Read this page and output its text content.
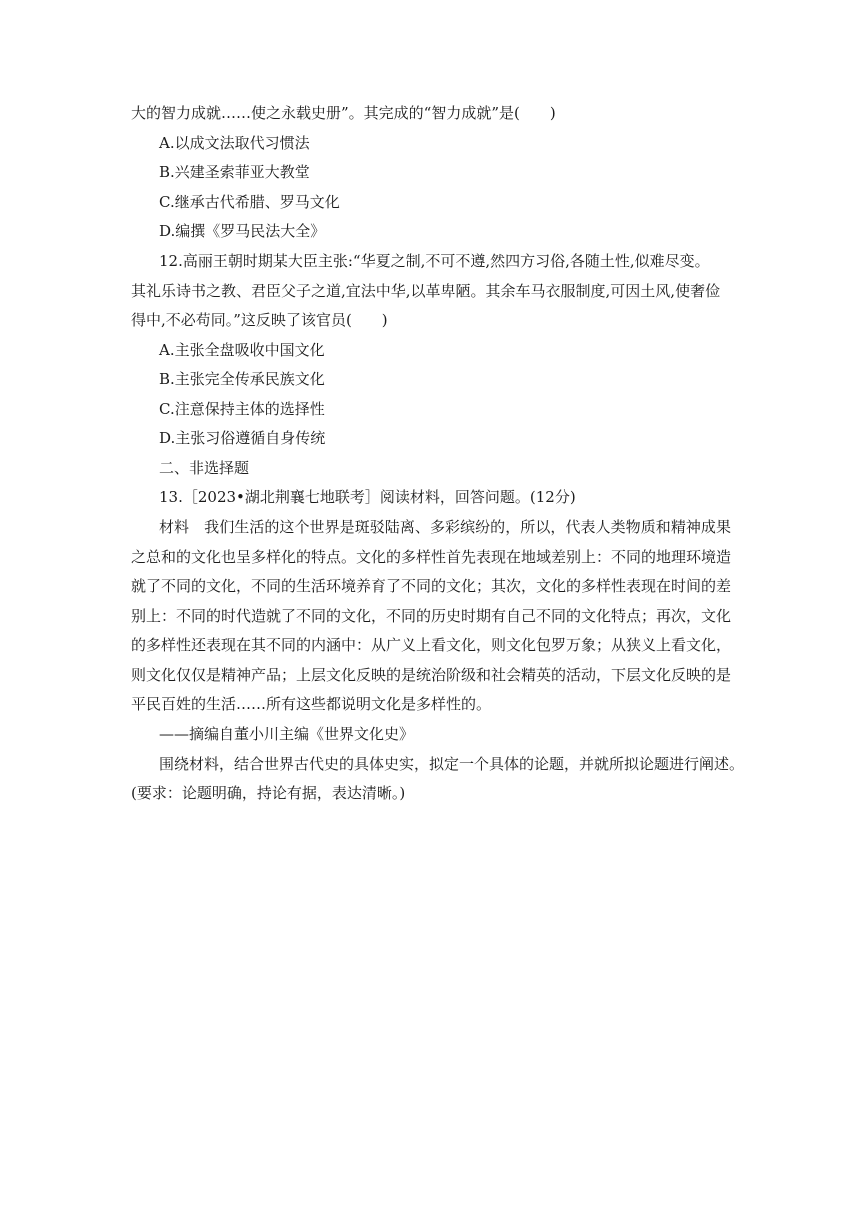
大的智力成就……使之永载史册”。其完成的“智力成就”是(　　)
A.以成文法取代习惯法
B.兴建圣索菲亚大教堂
C.继承古代希腊、罗马文化
D.编撰《罗马民法大全》
12.高丽王朝时期某大臣主张:“华夏之制,不可不遵,然四方习俗,各随土性,似难尽变。
其礼乐诗书之教、君臣父子之道,宜法中华,以革卑陋。其余车马衣服制度,可因土风,使奢俭
得中,不必苟同。”这反映了该官员(　　)
A.主张全盘吸收中国文化
B.主张完全传承民族文化
C.注意保持主体的选择性
D.主张习俗遵循自身传统
二、非选择题
13.［2023•湖北荆襄七地联考］阅读材料，回答问题。(12分)
材料　我们生活的这个世界是斑驳陆离、多彩缤纷的，所以，代表人类物质和精神成果
之总和的文化也呈多样化的特点。文化的多样性首先表现在地域差别上：不同的地理环境造
就了不同的文化，不同的生活环境养育了不同的文化；其次，文化的多样性表现在时间的差
别上：不同的时代造就了不同的文化，不同的历史时期有自己不同的文化特点；再次，文化
的多样性还表现在其不同的内涵中：从广义上看文化，则文化包罗万象；从狭义上看文化，
则文化仅仅是精神产品；上层文化反映的是统治阶级和社会精英的活动，下层文化反映的是
平民百姓的生活……所有这些都说明文化是多样性的。
——摘编自董小川主编《世界文化史》
围绕材料，结合世界古代史的具体史实，拟定一个具体的论题，并就所拟论题进行阐述。
(要求：论题明确，持论有据，表达清晰。)
